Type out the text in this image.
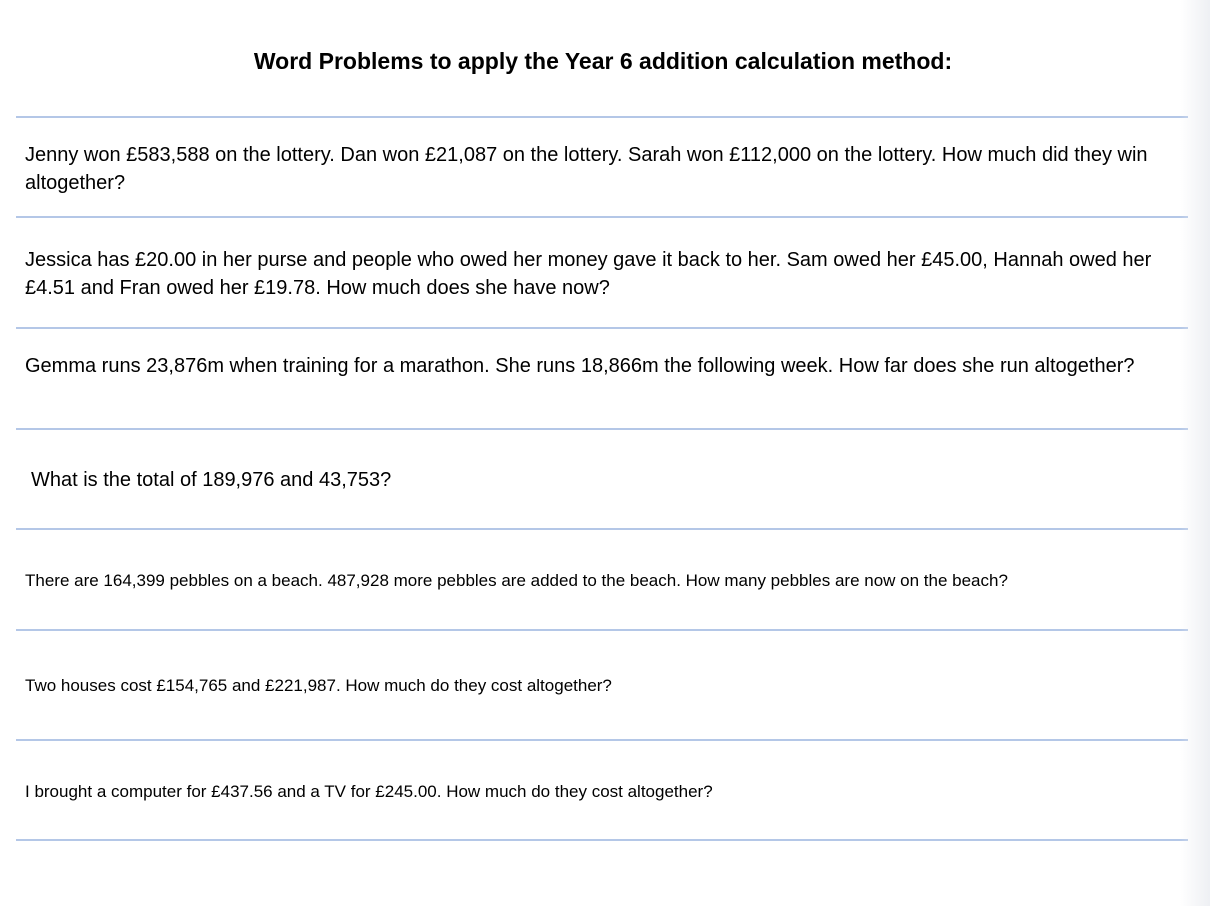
Word Problems to apply the Year 6 addition calculation method:
Jenny won £583,588 on the lottery. Dan won £21,087 on the lottery. Sarah won £112,000 on the lottery. How much did they win altogether?
Jessica has £20.00 in her purse and people who owed her money gave it back to her. Sam owed her £45.00, Hannah owed her £4.51 and Fran owed her £19.78. How much does she have now?
Gemma runs 23,876m when training for a marathon. She runs 18,866m the following week. How far does she run altogether?
What is the total of 189,976 and 43,753?
There are 164,399 pebbles on a beach. 487,928 more pebbles are added to the beach. How many pebbles are now on the beach?
Two houses cost £154,765 and £221,987. How much do they cost altogether?
I brought a computer for £437.56 and a TV for £245.00. How much do they cost altogether?
